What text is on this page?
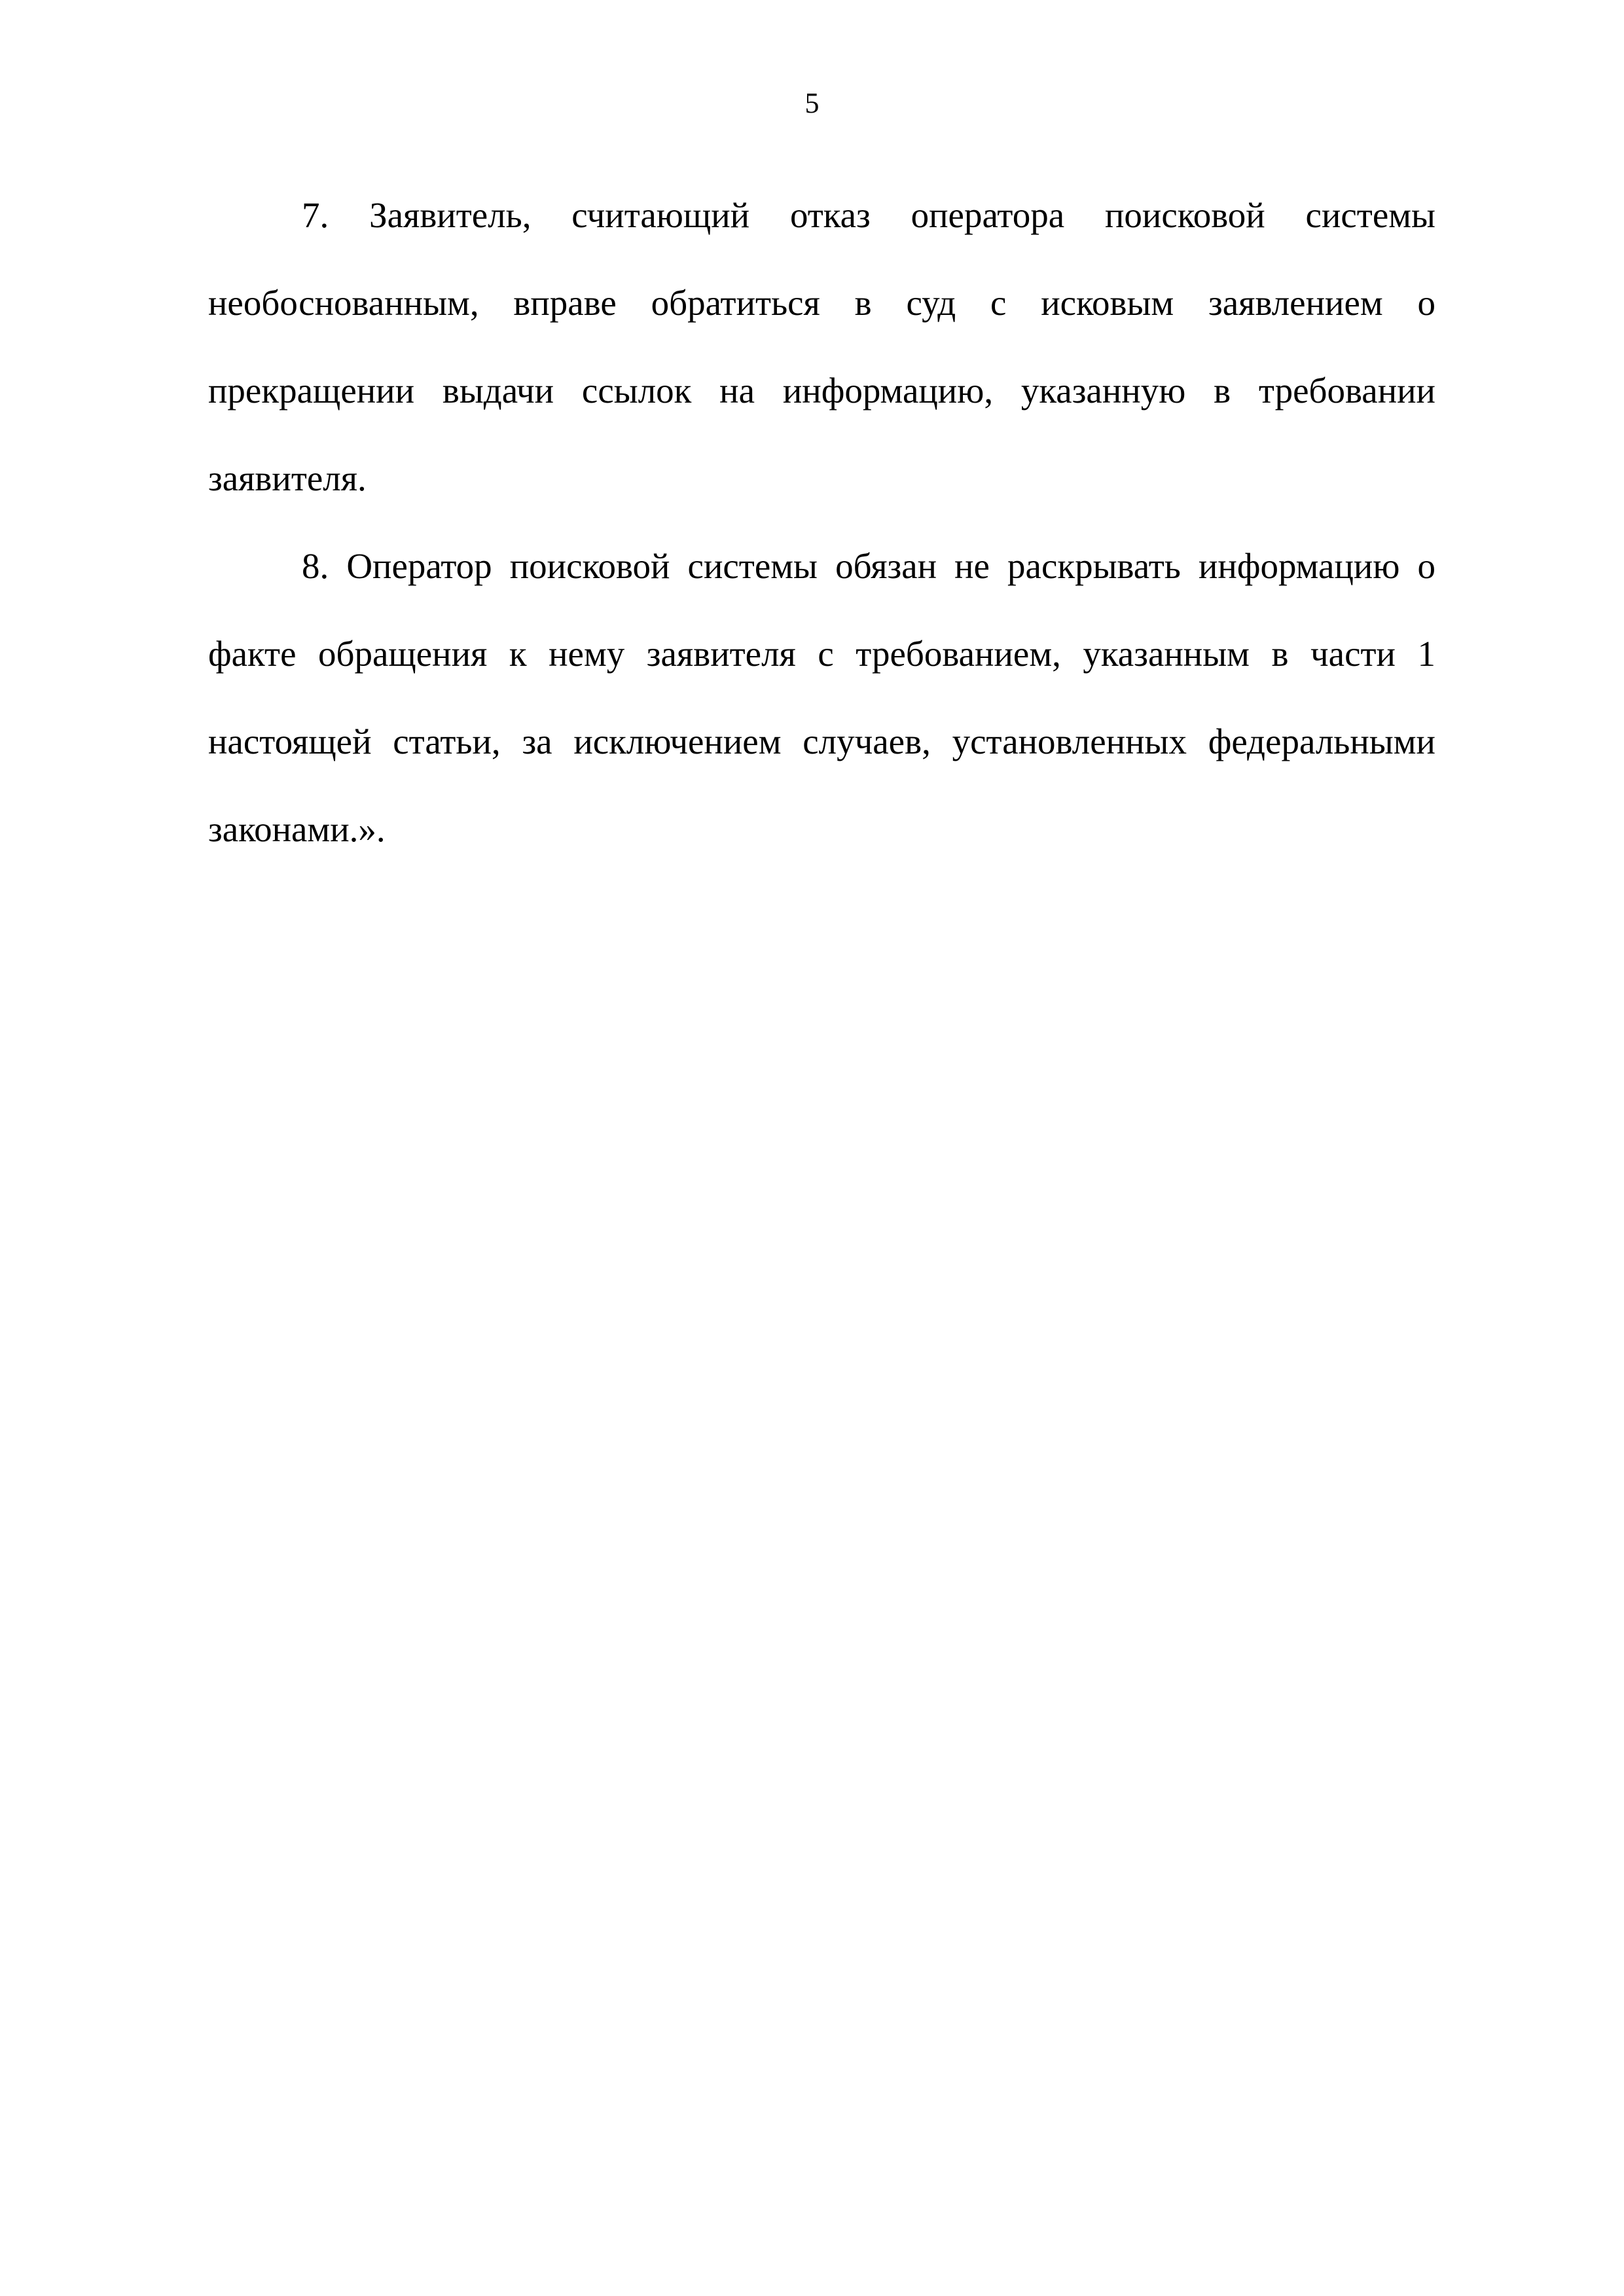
5

7. Заявитель, считающий отказ оператора поисковой системы необоснованным, вправе обратиться в суд с исковым заявлением о прекращении выдачи ссылок на информацию, указанную в требовании заявителя.

8. Оператор поисковой системы обязан не раскрывать информацию о факте обращения к нему заявителя с требованием, указанным в части 1 настоящей статьи, за исключением случаев, установленных федеральными законами.».
